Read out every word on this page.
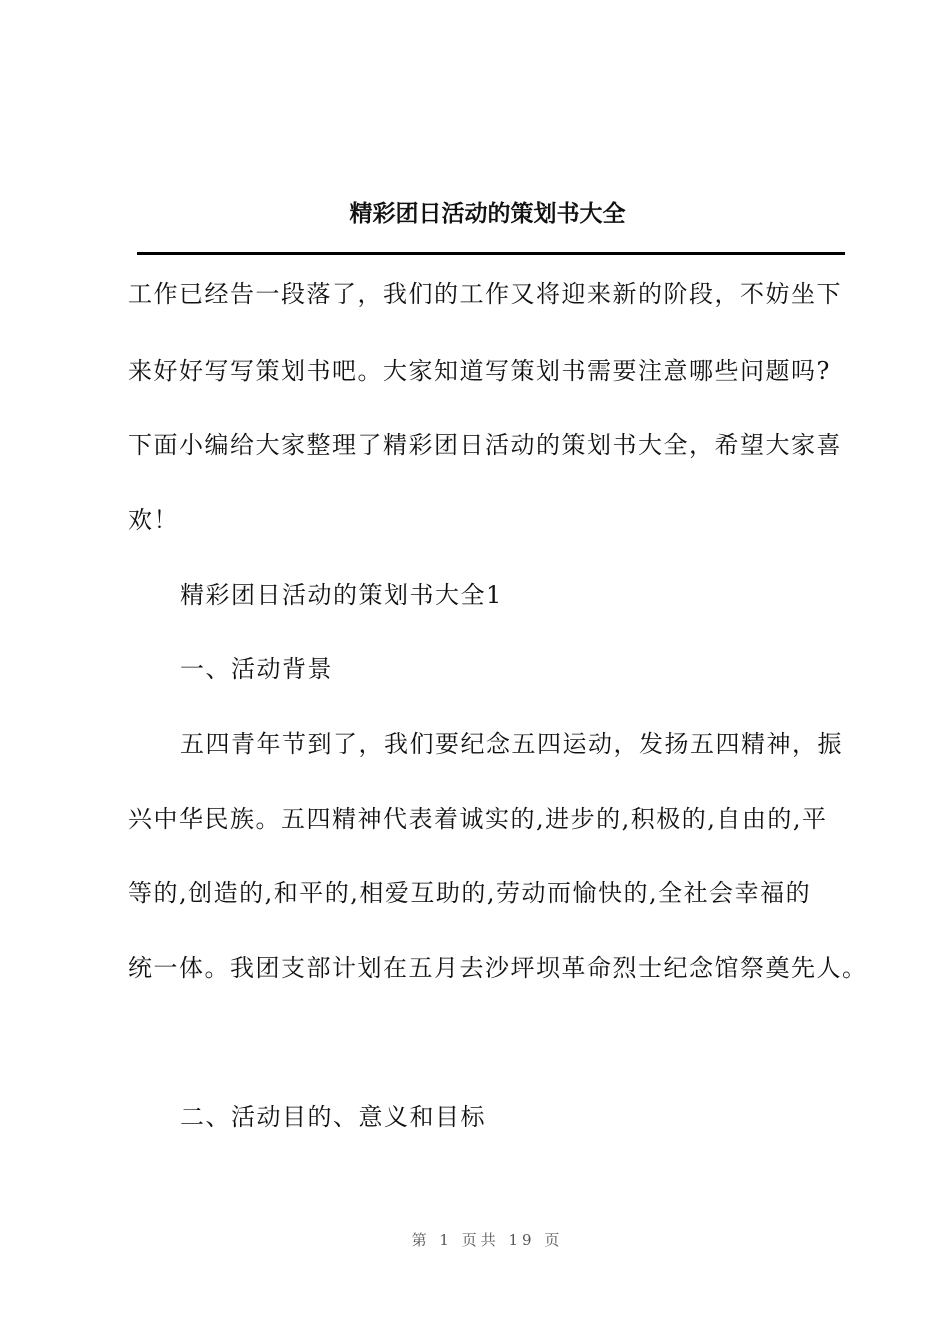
精彩团日活动的策划书大全
工作已经告一段落了，我们的工作又将迎来新的阶段，不妨坐下
来好好写写策划书吧。大家知道写策划书需要注意哪些问题吗?
下面小编给大家整理了精彩团日活动的策划书大全，希望大家喜
欢！
精彩团日活动的策划书大全1
一、活动背景
五四青年节到了，我们要纪念五四运动，发扬五四精神，振
兴中华民族。五四精神代表着诚实的,进步的,积极的,自由的,平
等的,创造的,和平的,相爱互助的,劳动而愉快的,全社会幸福的
统一体。我团支部计划在五月去沙坪坝革命烈士纪念馆祭奠先人。
二、活动目的、意义和目标
第 1 页共 19 页
